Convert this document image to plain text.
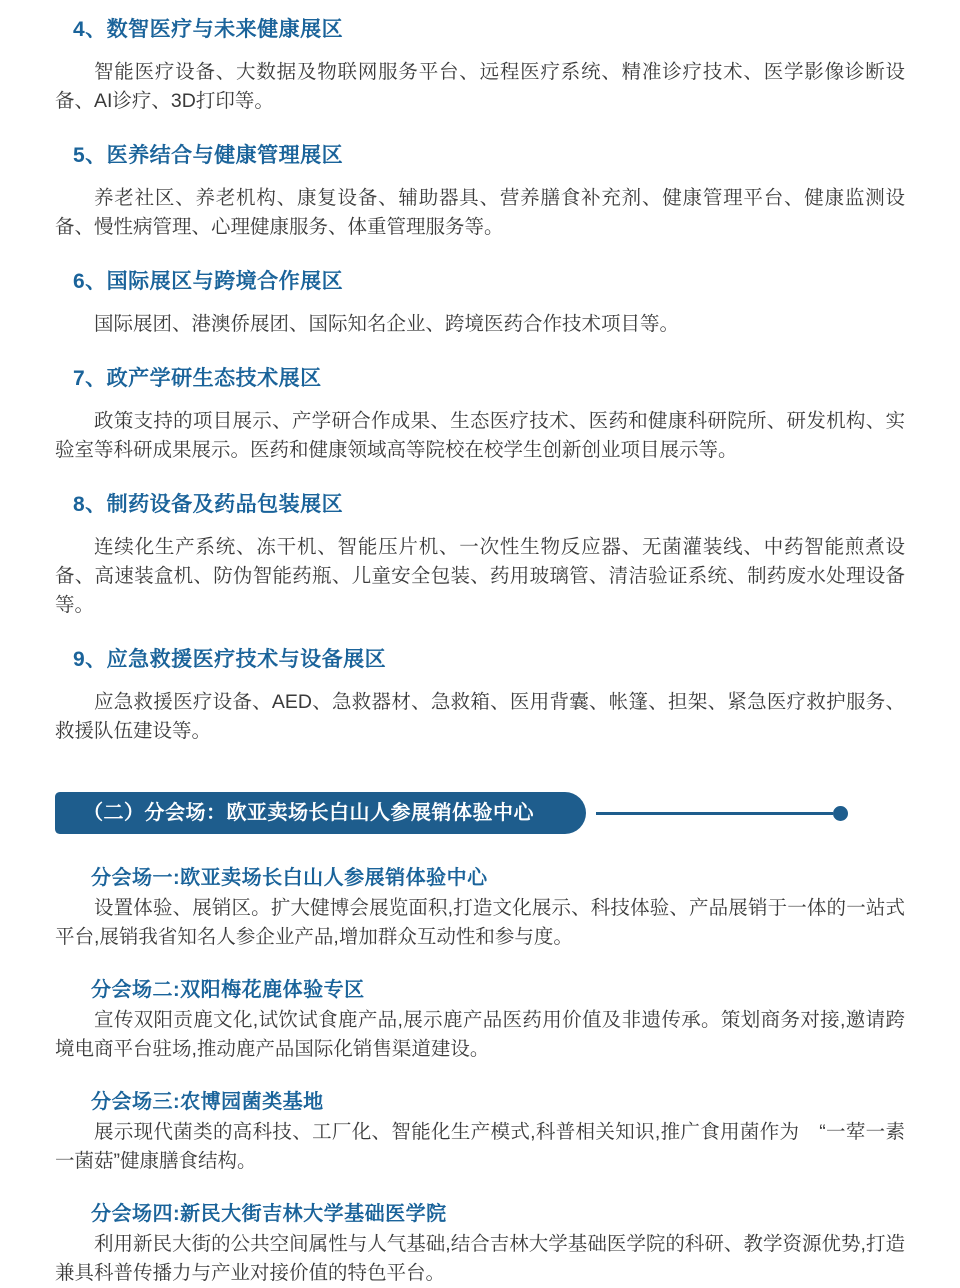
4、数智医疗与未来健康展区

智能医疗设备、大数据及物联网服务平台、远程医疗系统、精准诊疗技术、医学影像诊断设备、AI诊疗、3D打印等。

5、医养结合与健康管理展区

养老社区、养老机构、康复设备、辅助器具、营养膳食补充剂、健康管理平台、健康监测设备、慢性病管理、心理健康服务、体重管理服务等。

6、国际展区与跨境合作展区

国际展团、港澳侨展团、国际知名企业、跨境医药合作技术项目等。

7、政产学研生态技术展区

政策支持的项目展示、产学研合作成果、生态医疗技术、医药和健康科研院所、研发机构、实验室等科研成果展示。医药和健康领域高等院校在校学生创新创业项目展示等。

8、制药设备及药品包装展区

连续化生产系统、冻干机、智能压片机、一次性生物反应器、无菌灌装线、中药智能煎煮设备、高速装盒机、防伪智能药瓶、儿童安全包装、药用玻璃管、清洁验证系统、制药废水处理设备等。

9、应急救援医疗技术与设备展区

应急救援医疗设备、AED、急救器材、急救箱、医用背囊、帐篷、担架、紧急医疗救护服务、救援队伍建设等。

（二）分会场：欧亚卖场长白山人参展销体验中心
分会场一:欧亚卖场长白山人参展销体验中心

设置体验、展销区。扩大健博会展览面积,打造文化展示、科技体验、产品展销于一体的一站式平台,展销我省知名人参企业产品,增加群众互动性和参与度。

分会场二:双阳梅花鹿体验专区

宣传双阳贡鹿文化,试饮试食鹿产品,展示鹿产品医药用价值及非遗传承。策划商务对接,邀请跨境电商平台驻场,推动鹿产品国际化销售渠道建设。

分会场三:农博园菌类基地

展示现代菌类的高科技、工厂化、智能化生产模式,科普相关知识,推广食用菌作为　“一荤一素一菌菇”健康膳食结构。

分会场四:新民大街吉林大学基础医学院

利用新民大街的公共空间属性与人气基础,结合吉林大学基础医学院的科研、教学资源优势,打造兼具科普传播力与产业对接价值的特色平台。
